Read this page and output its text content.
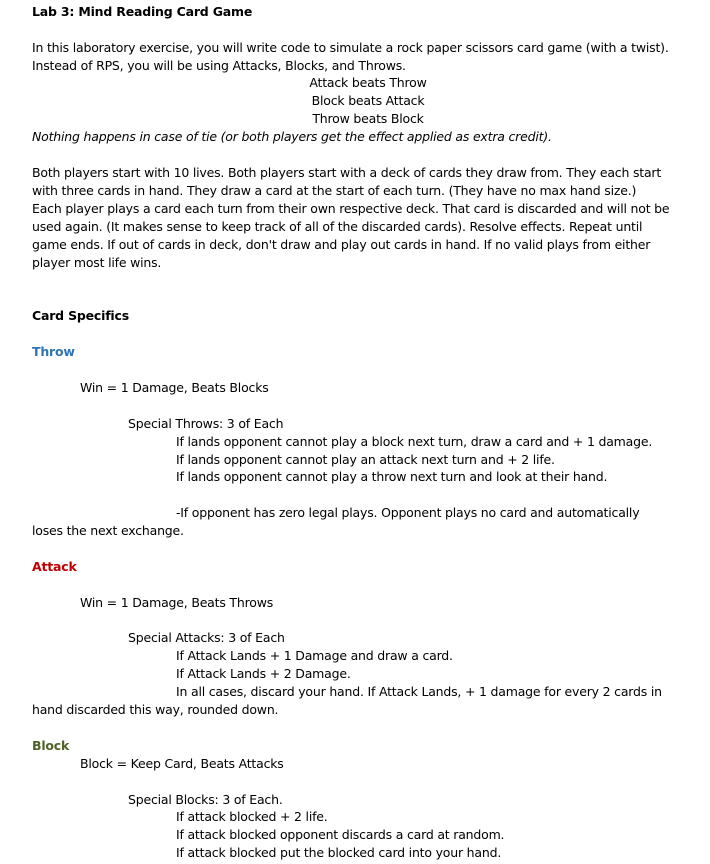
Lab 3: Mind Reading Card Game
In this laboratory exercise, you will write code to simulate a rock paper scissors card game (with a twist).
Instead of RPS, you will be using Attacks, Blocks, and Throws.
Attack beats Throw
Block beats Attack
Throw beats Block
Nothing happens in case of tie (or both players get the effect applied as extra credit).
Both players start with 10 lives. Both players start with a deck of cards they draw from. They each start
with three cards in hand. They draw a card at the start of each turn. (They have no max hand size.)
Each player plays a card each turn from their own respective deck. That card is discarded and will not be
used again. (It makes sense to keep track of all of the discarded cards). Resolve effects. Repeat until
game ends. If out of cards in deck, don't draw and play out cards in hand. If no valid plays from either
player most life wins.
Card Specifics
Throw
Win = 1 Damage, Beats Blocks
Special Throws: 3 of Each
If lands opponent cannot play a block next turn, draw a card and + 1 damage.
If lands opponent cannot play an attack next turn and + 2 life.
If lands opponent cannot play a throw next turn and look at their hand.
-If opponent has zero legal plays. Opponent plays no card and automatically
loses the next exchange.
Attack
Win = 1 Damage, Beats Throws
Special Attacks: 3 of Each
If Attack Lands + 1 Damage and draw a card.
If Attack Lands + 2 Damage.
In all cases, discard your hand. If Attack Lands, + 1 damage for every 2 cards in
hand discarded this way, rounded down.
Block
Block = Keep Card, Beats Attacks
Special Blocks: 3 of Each.
If attack blocked + 2 life.
If attack blocked opponent discards a card at random.
If attack blocked put the blocked card into your hand.
